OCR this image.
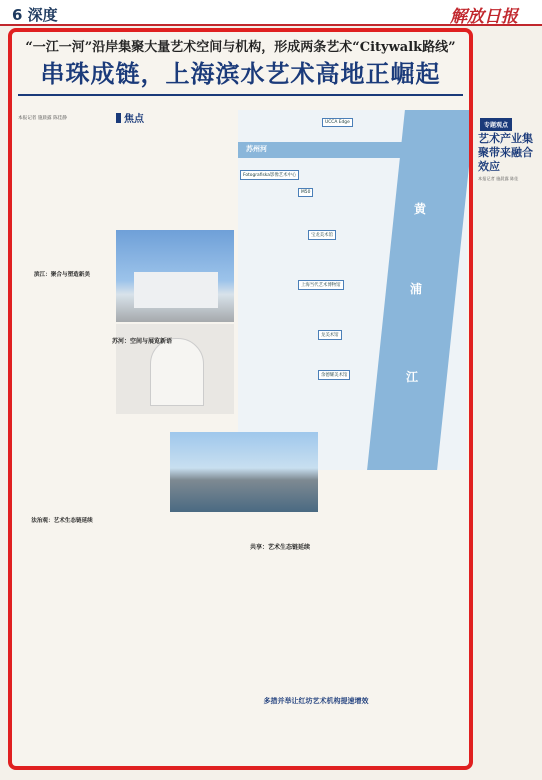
6 深度	解放日报
“一江一河”沿岸集聚大量艺术空间与机构，形成两条艺术“Citywalk路线”
串珠成链，上海滨水艺术高地正崛起
本报记者 施晨露 陈佳静
滨江：聚合与塑造新美
法治观：艺术生态链延续
焦点
苏河：空间与展览新语
黄
浦
江
苏州河
UCCA Edge
Fotografiska影像艺术中心
M50
宝龙美术馆
上海当代艺术博物馆
龙美术馆
余德耀美术馆
共享：艺术生态链延续
多措并举让红坊艺术机构提速增效
专题观点
艺术产业集聚带来融合效应
本报记者 施晨露 陈佳
